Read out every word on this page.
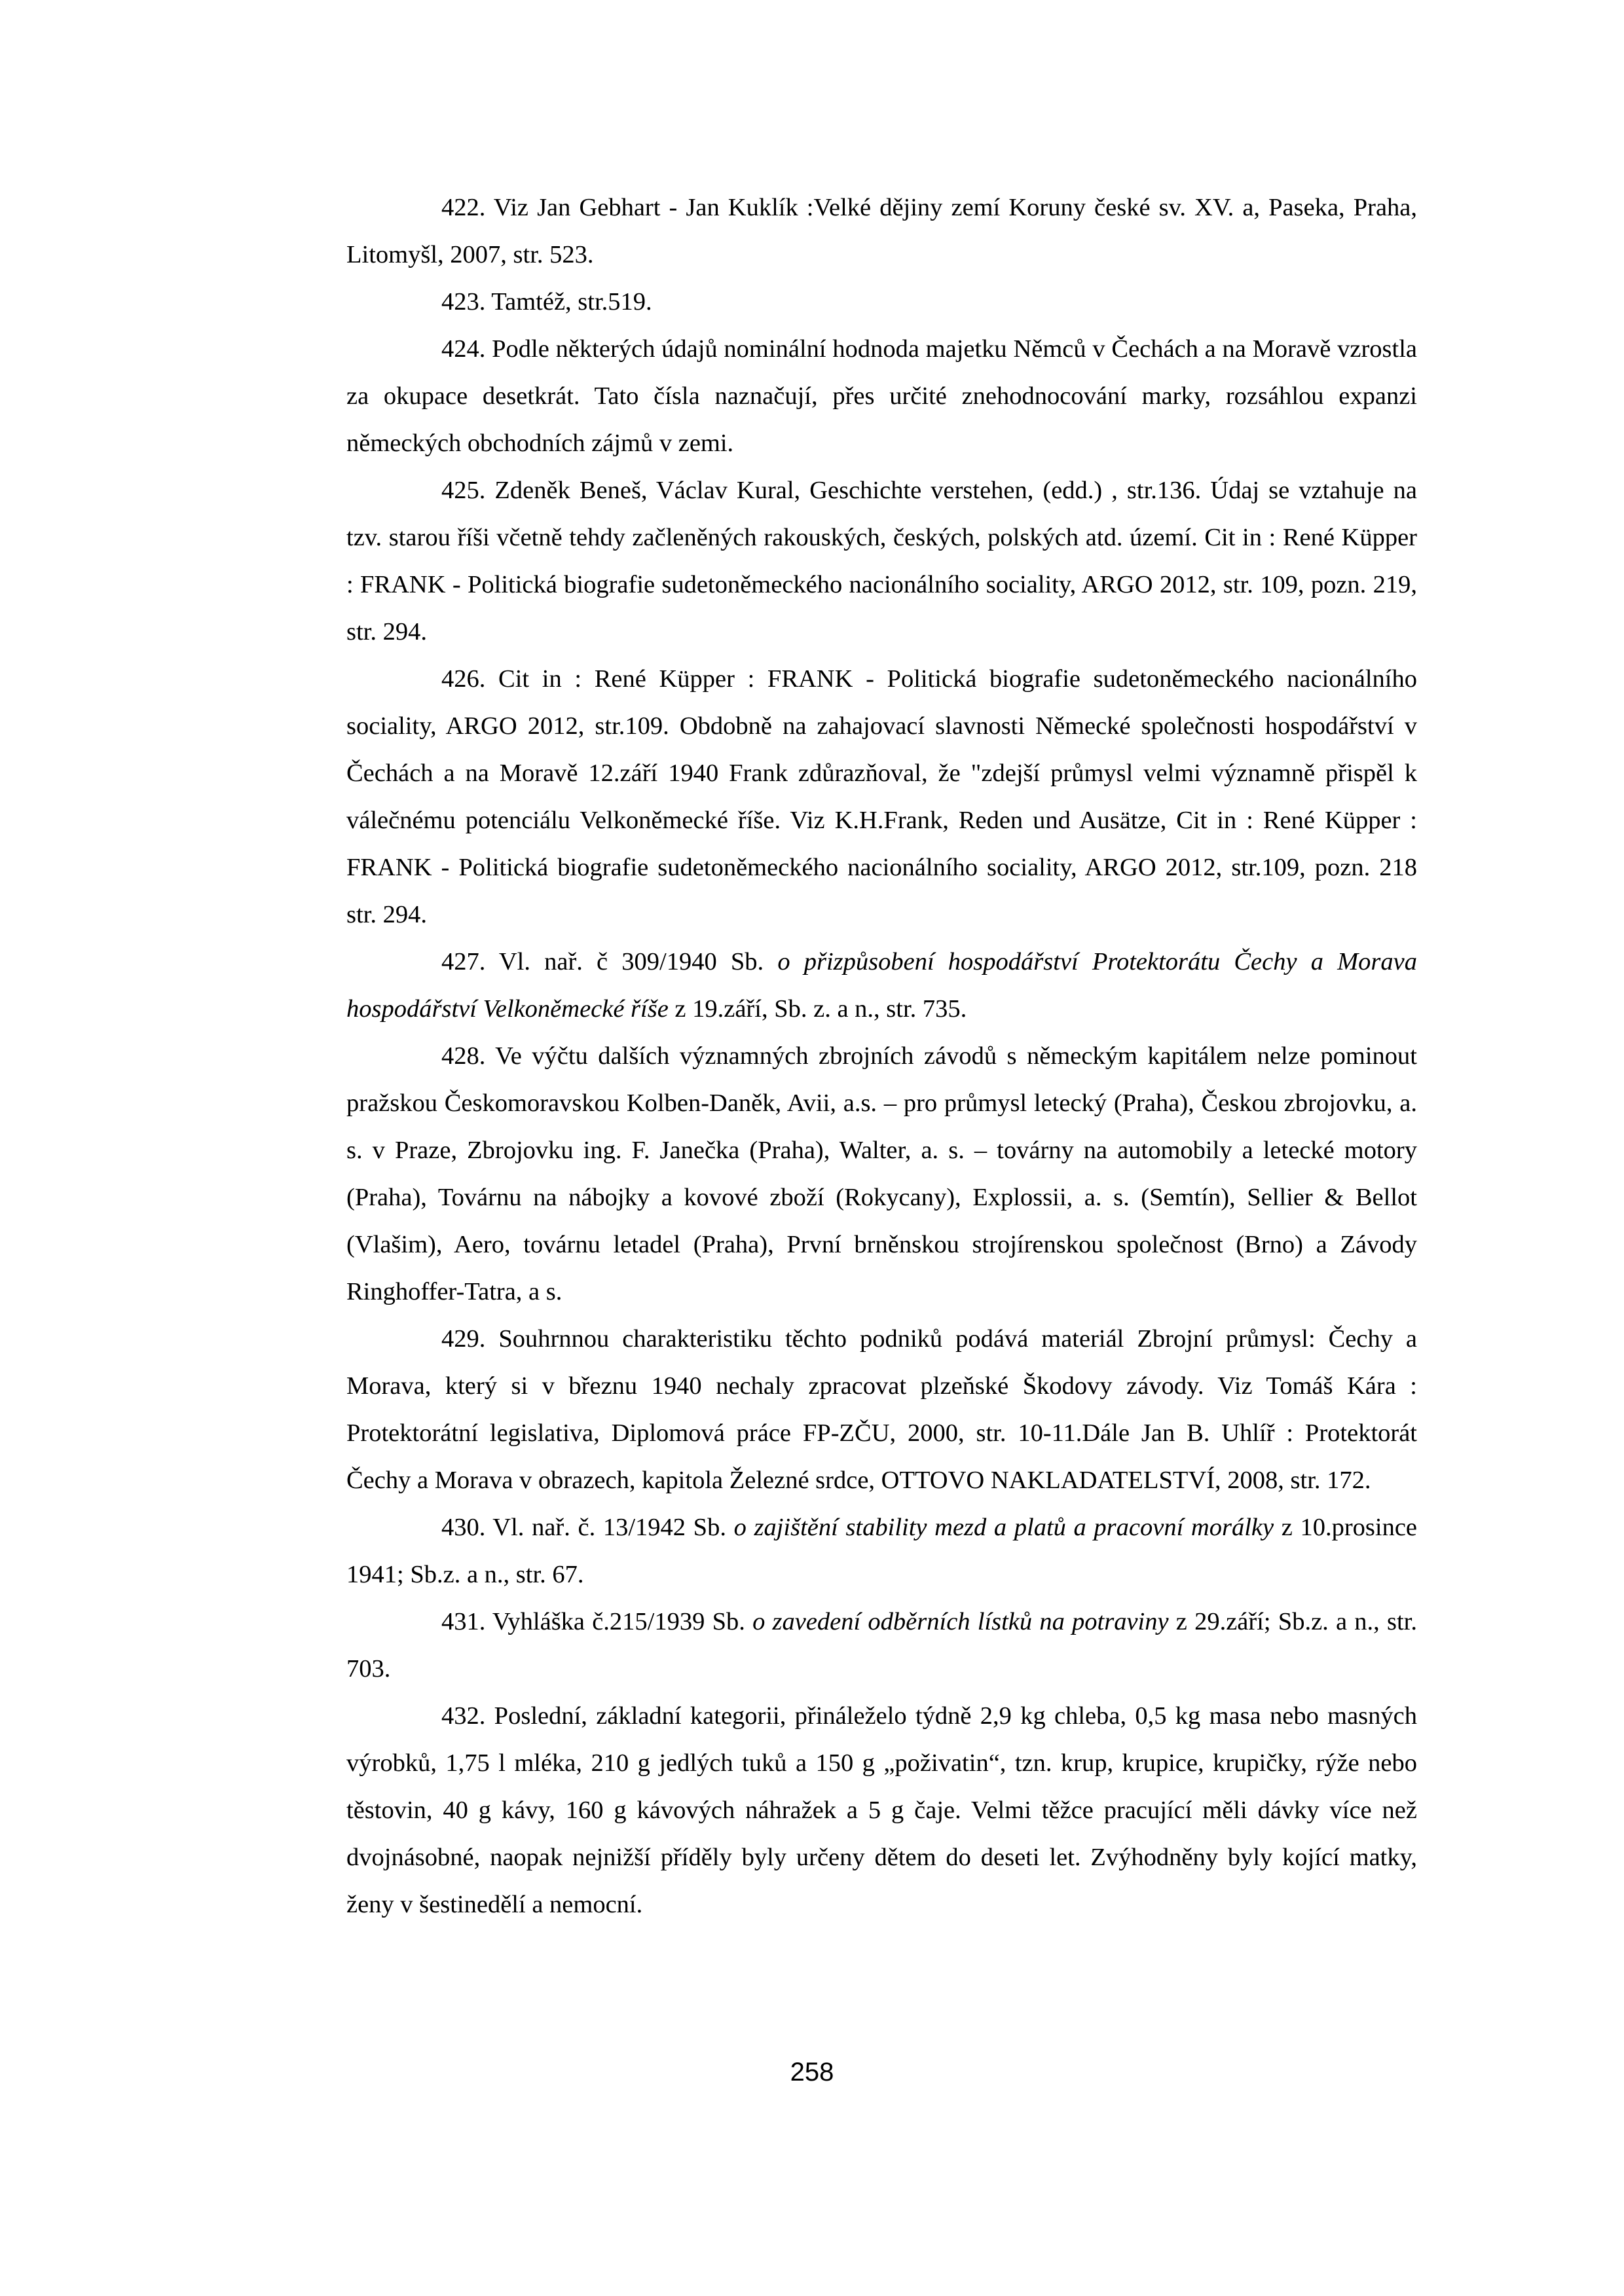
422. Viz Jan Gebhart - Jan Kuklík :Velké dějiny zemí Koruny české sv. XV. a, Paseka, Praha, Litomyšl, 2007, str. 523.

423. Tamtéž, str.519.

424. Podle některých údajů nominální hodnoda majetku Němců v Čechách a na Moravě vzrostla za okupace desetkrát. Tato čísla naznačují, přes určité znehodnocování marky, rozsáhlou expanzi německých obchodních zájmů v zemi.

425. Zdeněk Beneš, Václav Kural, Geschichte verstehen, (edd.) , str.136. Údaj se vztahuje na tzv. starou říši včetně tehdy začleněných rakouských, českých, polských atd. území. Cit in : René Küpper : FRANK - Politická biografie sudetoněmeckého nacionálního sociality, ARGO 2012, str. 109, pozn. 219, str. 294.

426. Cit in : René Küpper : FRANK - Politická biografie sudetoněmeckého nacionálního sociality, ARGO 2012, str.109. Obdobně na zahajovací slavnosti Německé společnosti hospodářství v Čechách a na Moravě 12.září 1940 Frank zdůrazňoval, že "zdejší průmysl velmi významně přispěl k válečnému potenciálu Velkoněmecké říše. Viz K.H.Frank, Reden und Ausätze, Cit in : René Küpper : FRANK - Politická biografie sudetoněmeckého nacionálního sociality, ARGO 2012, str.109, pozn. 218 str. 294.

427. Vl. nař. č 309/1940 Sb. o přizpůsobení hospodářství Protektorátu Čechy a Morava hospodářství Velkoněmecké říše z 19.září, Sb. z. a n., str. 735.

428. Ve výčtu dalších významných zbrojních závodů s německým kapitálem nelze pominout pražskou Českomoravskou Kolben-Daněk, Avii, a.s. – pro průmysl letecký (Praha), Českou zbrojovku, a. s. v Praze, Zbrojovku ing. F. Janečka (Praha), Walter, a. s. – továrny na automobily a letecké motory (Praha), Továrnu na nábojky a kovové zboží (Rokycany), Explossii, a. s. (Semtín), Sellier & Bellot (Vlašim), Aero, továrnu letadel (Praha), První brněnskou strojírenskou společnost (Brno) a Závody Ringhoffer-Tatra, a s.

429. Souhrnnou charakteristiku těchto podniků podává materiál Zbrojní průmysl: Čechy a Morava, který si v březnu 1940 nechaly zpracovat plzeňské Škodovy závody. Viz Tomáš Kára : Protektorátní legislativa, Diplomová práce FP-ZČU, 2000, str. 10-11.Dále Jan B. Uhlíř : Protektorát Čechy a Morava v obrazech, kapitola Železné srdce, OTTOVO NAKLADATELSTVÍ, 2008, str. 172.

430. Vl. nař. č. 13/1942 Sb. o zajištění stability mezd a platů a pracovní morálky z 10.prosince 1941; Sb.z. a n., str. 67.

431. Vyhláška č.215/1939 Sb. o zavedení odběrních lístků na potraviny z 29.září; Sb.z. a n., str. 703.

432. Poslední, základní kategorii, přináleželo týdně 2,9 kg chleba, 0,5 kg masa nebo masných výrobků, 1,75 l mléka, 210 g jedlých tuků a 150 g „poživatin“, tzn. krup, krupice, krupičky, rýže nebo těstovin, 40 g kávy, 160 g kávových náhražek a 5 g čaje. Velmi těžce pracující měli dávky více než dvojnásobné, naopak nejnižší příděly byly určeny dětem do deseti let. Zvýhodněny byly kojící matky, ženy v šestinedělí a nemocní.

258
